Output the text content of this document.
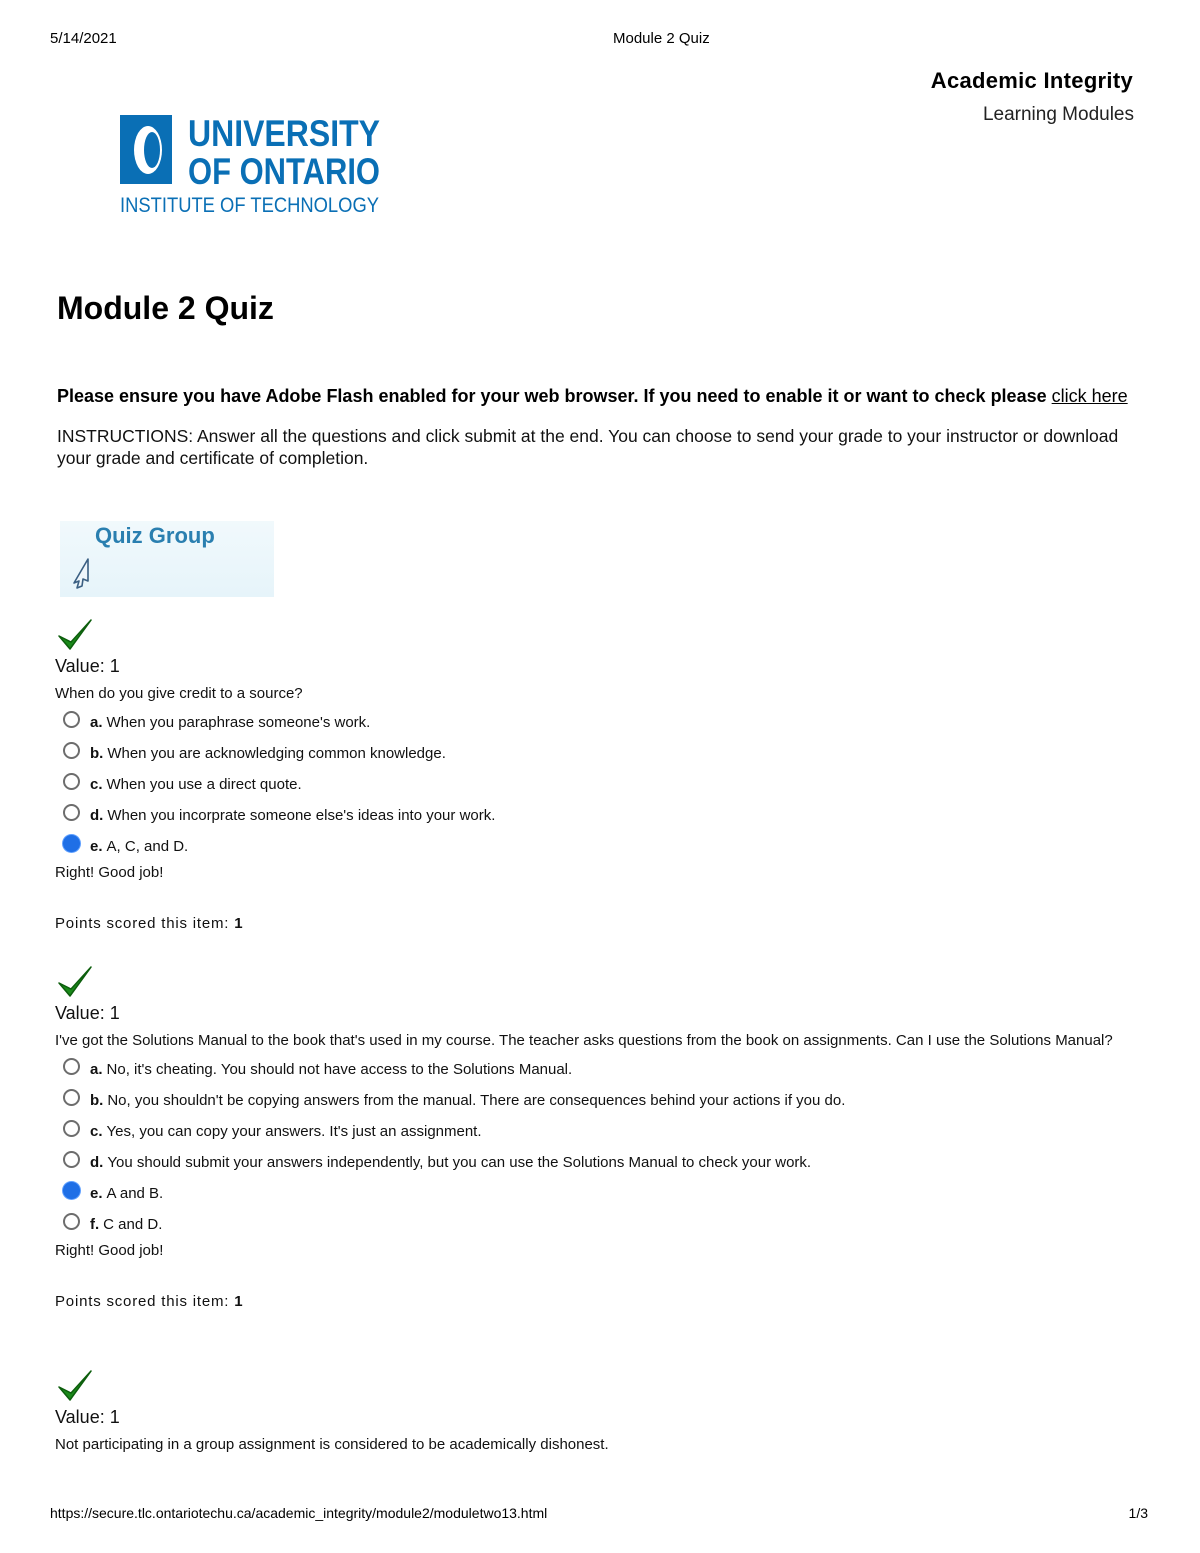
5/14/2021	Module 2 Quiz
Academic Integrity
Learning Modules
UNIVERSITY
OF ONTARIO
INSTITUTE OF TECHNOLOGY
Module 2 Quiz
Please ensure you have Adobe Flash enabled for your web browser. If you need to enable it or want to check please click here
INSTRUCTIONS: Answer all the questions and click submit at the end. You can choose to send your grade to your instructor or download your grade and certificate of completion.
Quiz Group
Value: 1
When do you give credit to a source?
a. When you paraphrase someone's work.
b. When you are acknowledging common knowledge.
c. When you use a direct quote.
d. When you incorprate someone else's ideas into your work.
e. A, C, and D.
Right! Good job!
Points scored this item: 1
Value: 1
I've got the Solutions Manual to the book that's used in my course. The teacher asks questions from the book on assignments. Can I use the Solutions Manual?
a. No, it's cheating. You should not have access to the Solutions Manual.
b. No, you shouldn't be copying answers from the manual. There are consequences behind your actions if you do.
c. Yes, you can copy your answers. It's just an assignment.
d. You should submit your answers independently, but you can use the Solutions Manual to check your work.
e. A and B.
f. C and D.
Right! Good job!
Points scored this item: 1
Value: 1
Not participating in a group assignment is considered to be academically dishonest.
https://secure.tlc.ontariotechu.ca/academic_integrity/module2/moduletwo13.html	1/3
